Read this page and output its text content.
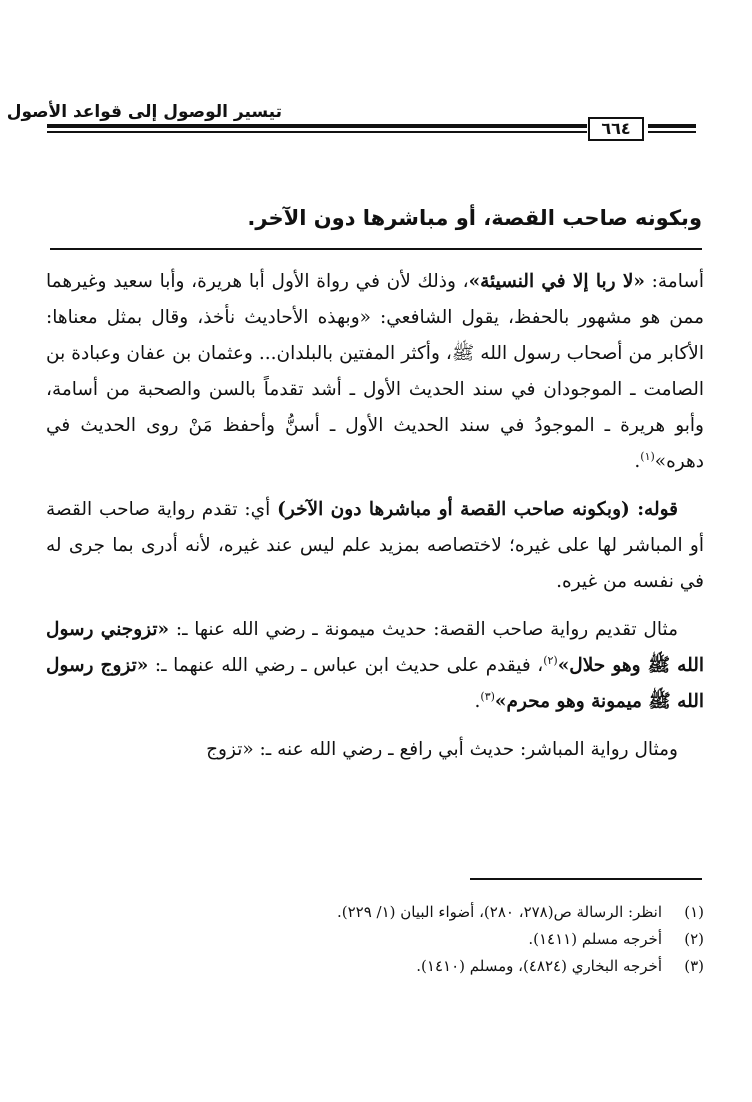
تيسير الوصول إلى قواعد الأصول
٦٦٤
وبكونه صاحب القصة، أو مباشرها دون الآخر.

أسامة: «لا ربا إلا في النسيئة»، وذلك لأن في رواة الأول أبا هريرة، وأبا سعيد وغيرهما ممن هو مشهور بالحفظ، يقول الشافعي: «وبهذه الأحاديث نأخذ، وقال بمثل معناها: الأكابر من أصحاب رسول الله ﷺ، وأكثر المفتين بالبلدان... وعثمان بن عفان وعبادة بن الصامت ـ الموجودان في سند الحديث الأول ـ أشد تقدماً بالسن والصحبة من أسامة، وأبو هريرة ـ الموجودُ في سند الحديث الأول ـ أسنُّ وأحفظ مَنْ روى الحديث في دهره»$^{(١)}$.

قوله: (وبكونه صاحب القصة أو مباشرها دون الآخر) أي: تقدم رواية صاحب القصة أو المباشر لها على غيره؛ لاختصاصه بمزيد علم ليس عند غيره، لأنه أدرى بما جرى له في نفسه من غيره.

مثال تقديم رواية صاحب القصة: حديث ميمونة ـ رضي الله عنها ـ: «تزوجني رسول الله ﷺ وهو حلال»$^{(٢)}$، فيقدم على حديث ابن عباس ـ رضي الله عنهما ـ: «تزوج رسول الله ﷺ ميمونة وهو محرم»$^{(٣)}$.

ومثال رواية المباشر: حديث أبي رافع ـ رضي الله عنه ـ: «تزوج

(١)
انظر: الرسالة ص(٢٧٨، ٢٨٠)، أضواء البيان (١/ ٢٢٩).
(٢)
أخرجه مسلم (١٤١١).
(٣)
أخرجه البخاري (٤٨٢٤)، ومسلم (١٤١٠).
